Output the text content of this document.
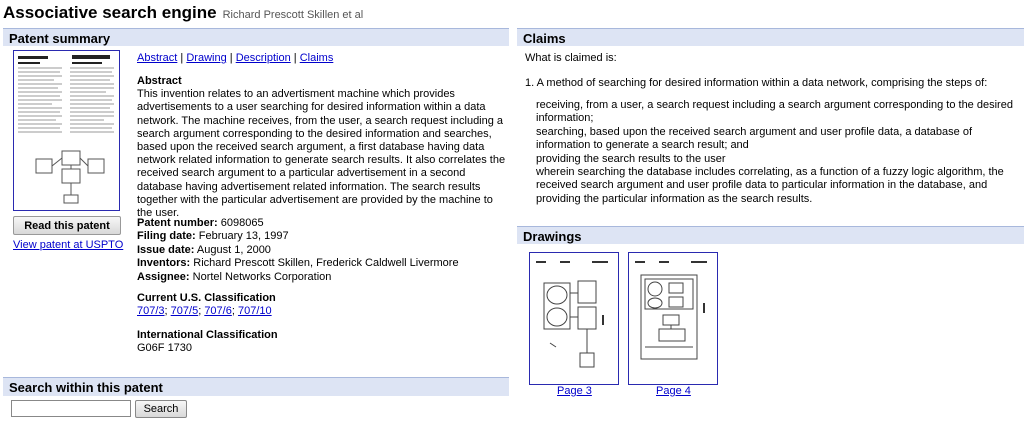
Associative search engine Richard Prescott Skillen et al
Patent summary
Read this patent
View patent at USPTO
Abstract | Drawing | Description | Claims
Abstract
This invention relates to an advertisment machine which provides advertisements to a user searching for desired information within a data network. The machine receives, from the user, a search request including a search argument corresponding to the desired information and searches, based upon the received search argument, a first database having data network related information to generate search results. It also correlates the received search argument to a particular advertisement in a second database having advertisement related information. The search results together with the particular advertisement are provided by the machine to the user.
Patent number: 6098065
Filing date: February 13, 1997
Issue date: August 1, 2000
Inventors: Richard Prescott Skillen, Frederick Caldwell Livermore
Assignee: Nortel Networks Corporation
Current U.S. Classification
707/3; 707/5; 707/6; 707/10
International Classification
G06F 1730
Claims
What is claimed is:
1. A method of searching for desired information within a data network, comprising the steps of:
receiving, from a user, a search request including a search argument corresponding to the desired information;
searching, based upon the received search argument and user profile data, a database of information to generate a search result; and
providing the search results to the user
wherein searching the database includes correlating, as a function of a fuzzy logic algorithm, the received search argument and user profile data to particular information in the database, and providing the particular information as the search results.
Drawings
Page 3	Page 4
Search within this patent
Search
